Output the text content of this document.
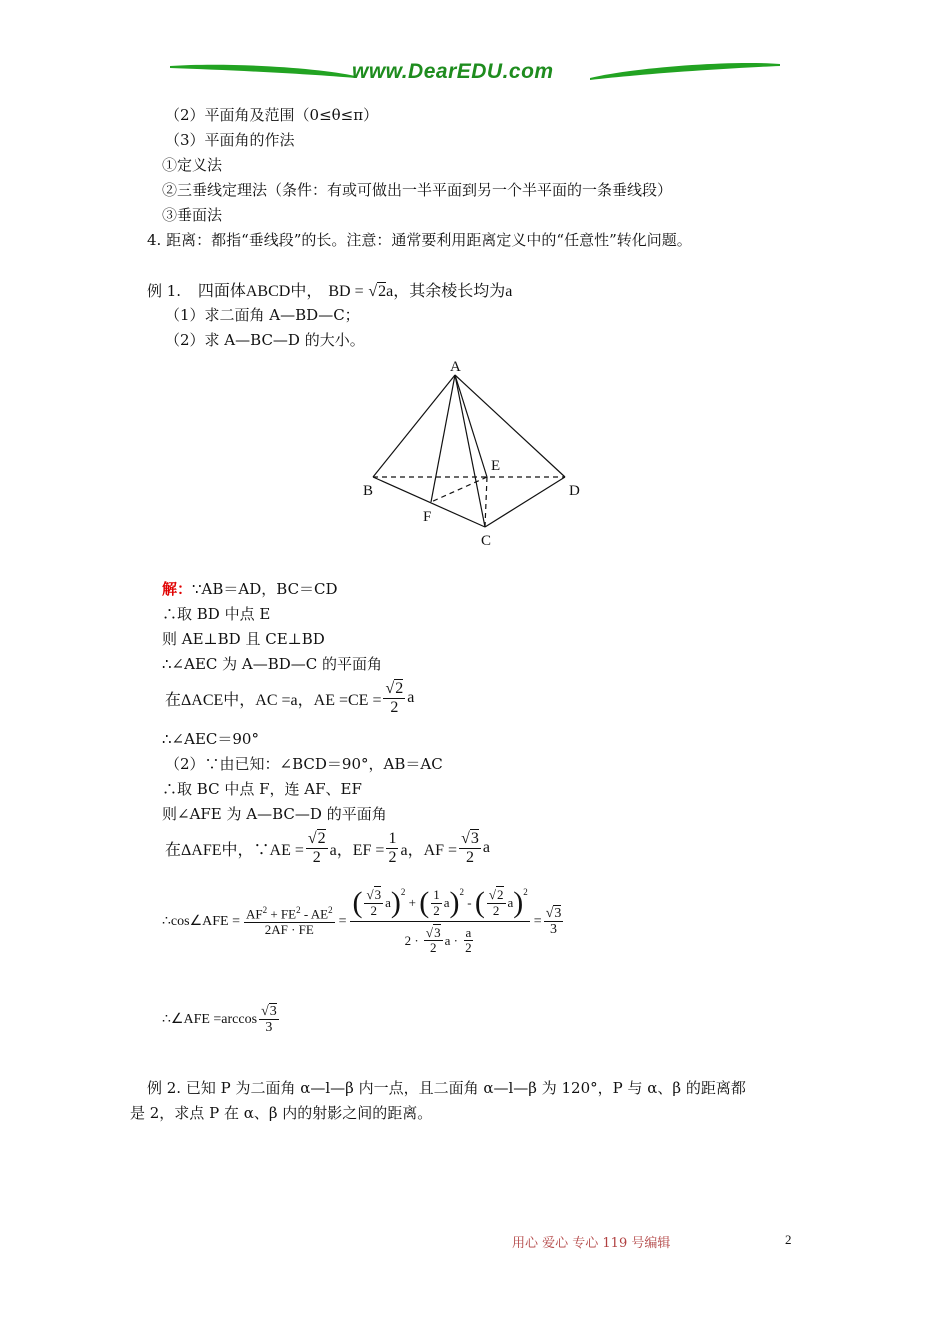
www.DearEDU.com
（2）平面角及范围（0≤θ≤π）
（3）平面角的作法
①定义法
②三垂线定理法（条件：有或可做出一半平面到另一个半平面的一条垂线段）
③垂面法
4. 距离：都指“垂线段”的长。注意：通常要利用距离定义中的“任意性”转化问题。
例 1. 四面体ABCD中， BD = √2a，其余棱长均为a
（1）求二面角 A—BD—C；
（2）求 A—BC—D 的大小。
A
B	D
C
E
F
解：∵AB＝AD，BC＝CD
∴取 BD 中点 E
则 AE⊥BD 且 CE⊥BD
∴∠AEC 为 A—BD—C 的平面角
在ΔACE中，AC =a，AE $=CE = \frac{√2}{2}$ a
∴∠AEC＝90°
（2）∵由已知：∠BCD＝90°，AB＝AC
∴取 BC 中点 F，连 AF、EF
则∠AFE 为 A—BC—D 的平面角
在ΔAFE中，∵AE = $\frac{√2}{2}$ a，EF = $\frac{1}{2}$ a，AF = $\frac{√3}{2}$ a
∴cos∠AFE = $\frac{AF^2 + FE^2 - AE^2}{2AF \cdot FE}$ = ( $\frac{√3}{2}$ a )$^2$
+ ( $\frac{1}{2}$ a )$^2$
- ( $\frac{√2}{2}$ a )$^2$
$2 \cdot \frac{√3}{2}$ $a \cdot \frac{a}{2} = \frac{√3}{3}$
∴∠AFE $=\arccos \frac{√3}{3}$
例 2. 已知 P 为二面角 α—l—β 内一点，且二面角 α—l—β 为 120°，P 与 α、β 的距离都
是 2，求点 P 在 α、β 内的射影之间的距离。
用心 爱心 专心 119 号编辑	2
